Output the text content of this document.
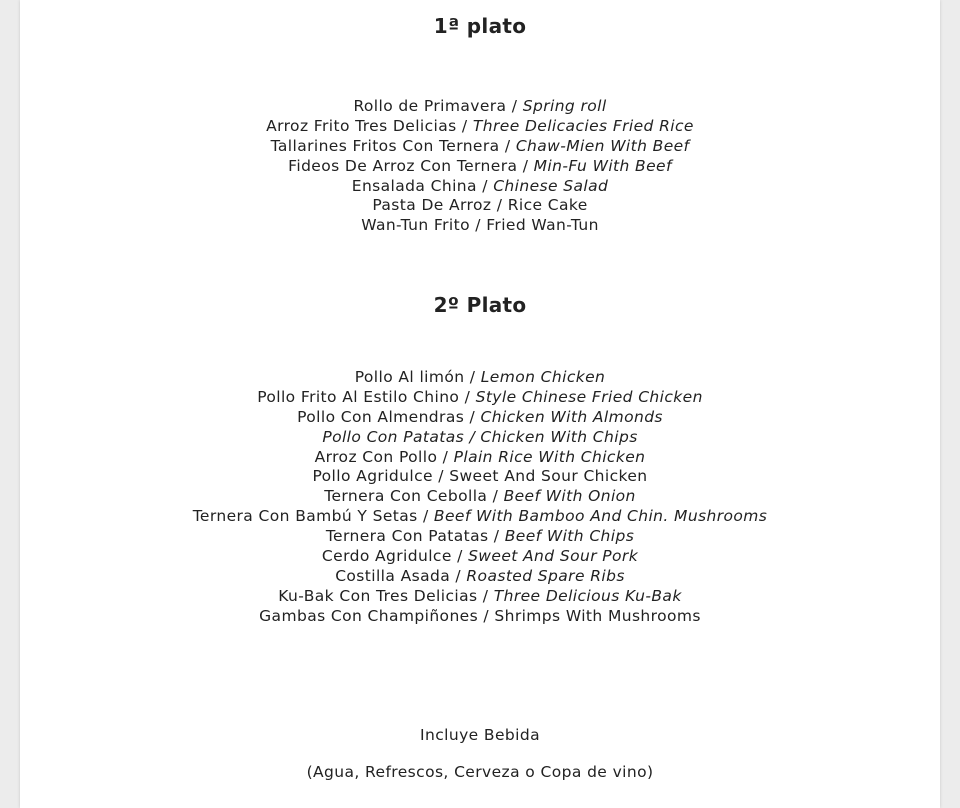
1ª plato
Rollo de Primavera / Spring roll
Arroz Frito Tres Delicias / Three Delicacies Fried Rice
Tallarines Fritos Con Ternera / Chaw-Mien With Beef
Fideos De Arroz Con Ternera / Min-Fu With Beef
Ensalada China / Chinese Salad
Pasta De Arroz / Rice Cake
Wan-Tun Frito / Fried Wan-Tun
2º Plato
Pollo Al limón / Lemon Chicken
Pollo Frito Al Estilo Chino / Style Chinese Fried Chicken
Pollo Con Almendras / Chicken With Almonds
Pollo Con Patatas / Chicken With Chips
Arroz Con Pollo / Plain Rice With Chicken
Pollo Agridulce / Sweet And Sour Chicken
Ternera Con Cebolla / Beef With Onion
Ternera Con Bambú Y Setas / Beef With Bamboo And Chin. Mushrooms
Ternera Con Patatas / Beef With Chips
Cerdo Agridulce / Sweet And Sour Pork
Costilla Asada / Roasted Spare Ribs
Ku-Bak Con Tres Delicias / Three Delicious Ku-Bak
Gambas Con Champiñones / Shrimps With Mushrooms
Incluye Bebida
(Agua, Refrescos, Cerveza o Copa de vino)
